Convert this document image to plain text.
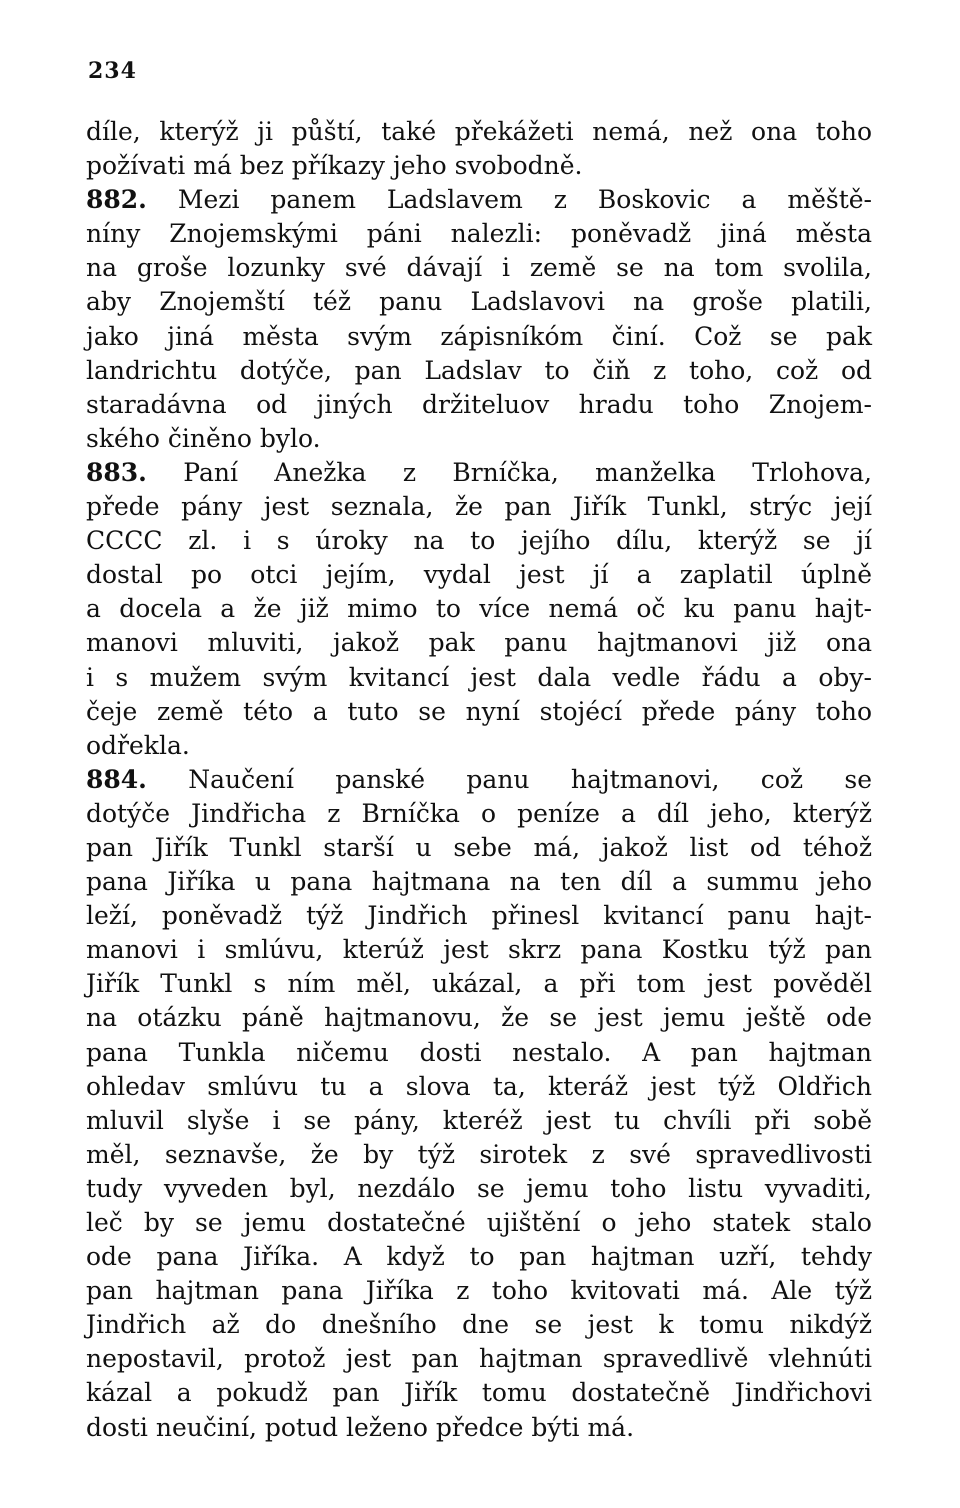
234
díle, kterýž ji půští, také překážeti nemá, než ona toho
požívati má bez příkazy jeho svobodně.
882. Mezi panem Ladslavem z Boskovic a měště-
níny Znojemskými páni nalezli: poněvadž jiná města
na groše lozunky své dávají i země se na tom svolila,
aby Znojemští též panu Ladslavovi na groše platili,
jako jiná města svým zápisníkóm činí. Což se pak
landrichtu dotýče, pan Ladslav to čiň z toho, což od
staradávna od jiných držiteluov hradu toho Znojem-
ského činěno bylo.
883. Paní Anežka z Brníčka, manželka Trlohova,
přede pány jest seznala, že pan Jiřík Tunkl, strýc její
CCCC zl. i s úroky na to jejího dílu, kterýž se jí
dostal po otci jejím, vydal jest jí a zaplatil úplně
a docela a že již mimo to více nemá oč ku panu hajt-
manovi mluviti, jakož pak panu hajtmanovi již ona
i s mužem svým kvitancí jest dala vedle řádu a oby-
čeje země této a tuto se nyní stojécí přede pány toho
odřekla.
884. Naučení panské panu hajtmanovi, což se
dotýče Jindřicha z Brníčka o peníze a díl jeho, kterýž
pan Jiřík Tunkl starší u sebe má, jakož list od téhož
pana Jiříka u pana hajtmana na ten díl a summu jeho
leží, poněvadž týž Jindřich přinesl kvitancí panu hajt-
manovi i smlúvu, kterúž jest skrz pana Kostku týž pan
Jiřík Tunkl s ním měl, ukázal, a při tom jest pověděl
na otázku páně hajtmanovu, že se jest jemu ještě ode
pana Tunkla ničemu dosti nestalo. A pan hajtman
ohledav smlúvu tu a slova ta, kteráž jest týž Oldřich
mluvil slyše i se pány, kteréž jest tu chvíli při sobě
měl, seznavše, že by týž sirotek z své spravedlivosti
tudy vyveden byl, nezdálo se jemu toho listu vyvaditi,
leč by se jemu dostatečné ujištění o jeho statek stalo
ode pana Jiříka. A když to pan hajtman uzří, tehdy
pan hajtman pana Jiříka z toho kvitovati má. Ale týž
Jindřich až do dnešního dne se jest k tomu nikdýž
nepostavil, protož jest pan hajtman spravedlivě vlehnúti
kázal a pokudž pan Jiřík tomu dostatečně Jindřichovi
dosti neučiní, potud leženo předce býti má.
